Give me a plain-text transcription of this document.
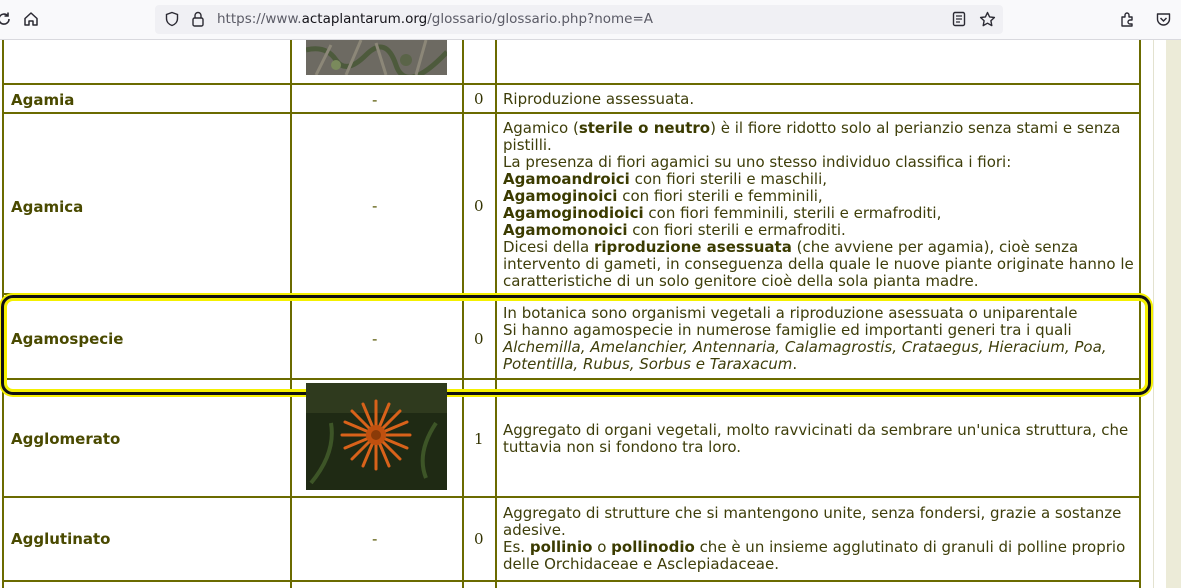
https://www.actaplantarum.org/glossario/glossario.php?nome=A
Agamia	-	0 Riproduzione assessuata.
Agamica	-	0
Agamico (sterile o neutro) è il fiore ridotto solo al perianzio senza stami e senza pistilli.
La presenza di fiori agamici su uno stesso individuo classifica i fiori:
Agamoandroici con fiori sterili e maschili,
Agamoginoici con fiori sterili e femminili,
Agamoginodioici con fiori femminili, sterili e ermafroditi,
Agamomonoici con fiori sterili e ermafroditi.
Dicesi della riproduzione asessuata (che avviene per agamia), cioè senza intervento di gameti, in conseguenza della quale le nuove piante originate hanno le caratteristiche di un solo genitore cioè della sola pianta madre.
Agamospecie	-	0
In botanica sono organismi vegetali a riproduzione asessuata o uniparentale
Si hanno agamospecie in numerose famiglie ed importanti generi tra i quali
Alchemilla, Amelanchier, Antennaria, Calamagrostis, Crataegus, Hieracium, Poa, Potentilla, Rubus, Sorbus e Taraxacum.
Agglomerato	1 Aggregato di organi vegetali, molto ravvicinati da sembrare un'unica struttura, che tuttavia non si fondono tra loro.
Agglutinato	-	0
Aggregato di strutture che si mantengono unite, senza fondersi, grazie a sostanze adesive.
Es. pollinio o pollinodio che è un insieme agglutinato di granuli di polline proprio delle Orchidaceae e Asclepiadaceae.
